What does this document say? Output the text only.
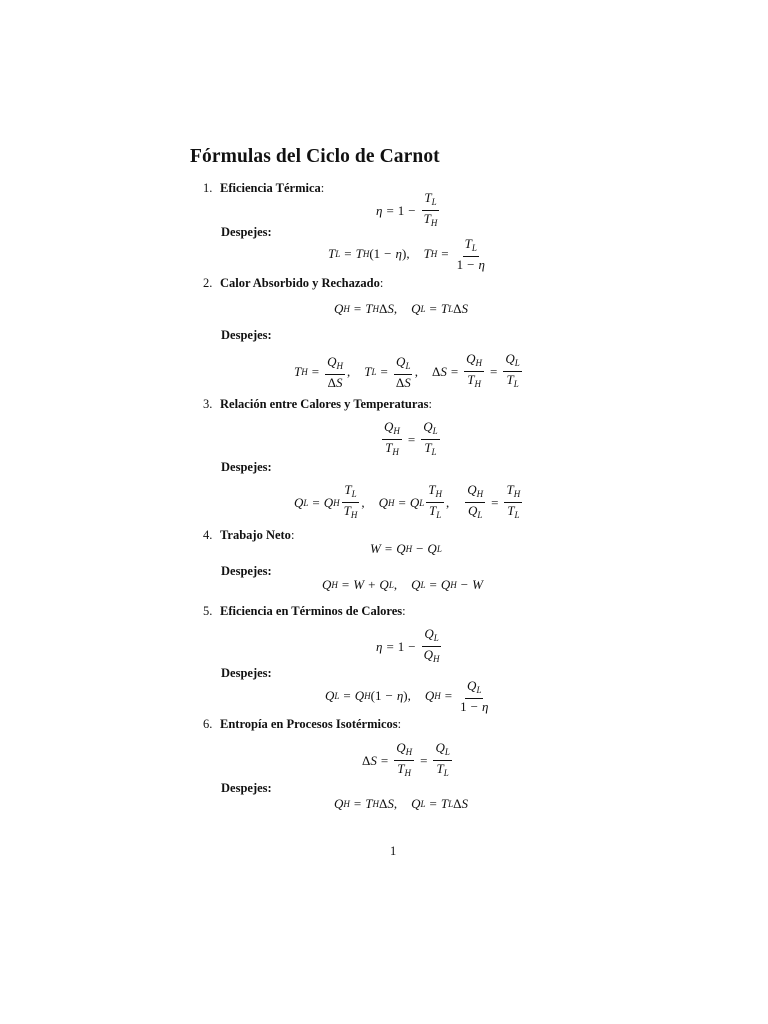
Fórmulas del Ciclo de Carnot
1. Eficiencia Térmica:
$\eta = 1 - \frac{T_L}{T_H}$
Despejes:
T L = T H ( 1 − η ) , T $H = \frac{T_L}{1 - \eta}$
2. Calor Absorbido y Rechazado:
Q H = T H Δ S , Q L = T L Δ S
Despejes:
T $H = \frac{Q_H}{\Delta S}$ , T $L = \frac{Q_L}{\Delta S}$ , Δ $S = \frac{Q_H}{T_H} = \frac{Q_L}{T_L}$
3. Relación entre Calores y Temperaturas:
$\frac{Q_H}{T_H} = \frac{Q_L}{T_L}$
Despejes:
Q L = Q H
$T_L$
$T_H$
, Q H = Q L
$T_H$
$T_L$
, $\frac{Q_H}{Q_L} = \frac{T_H}{T_L}$
4. Trabajo Neto:
W = Q H − Q L
Despejes:
Q H = W + Q L , Q L = Q H − W
5. Eficiencia en Términos de Calores:
$\eta = 1 - \frac{Q_L}{Q_H}$
Despejes:
Q L = Q H ( 1 − η ) , Q $H = \frac{Q_L}{1 - \eta}$
6. Entropía en Procesos Isotérmicos:
Δ $S = \frac{Q_H}{T_H} = \frac{Q_L}{T_L}$
Despejes:
Q H = T H Δ S , Q L = T L Δ S
1
